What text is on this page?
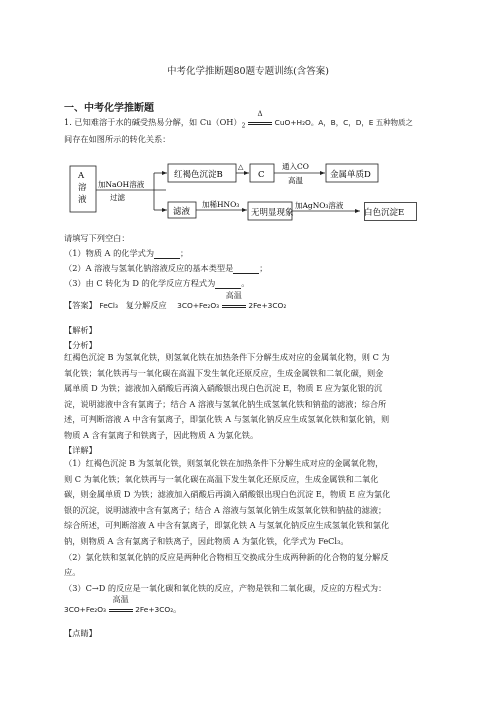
中考化学推断题80题专题训练(含答案)
一、中考化学推断题
1. 已知难溶于水的碱受热易分解，如 $Cu(OH)_2$
Δ
CuO+H₂O。A，B，C，D，E 五种物质之
间存在如图所示的转化关系：
A
溶
液
加NaOH溶液
过滤
红褐色沉淀B
△
C
通入CO
高温
金属单质D
滤液
加稀HNO₃
无明显现象
加AgNO₃溶液
白色沉淀E
请填写下列空白：
（1）物质 A 的化学式为	；
（2）A 溶液与氢氧化钠溶液反应的基本类型是	；
（3）由 C 转化为 D 的化学反应方程式为	。
【答案】 FeCl₃ 复分解反应 3CO+Fe₂O₃
高温
2Fe+3CO₂
【解析】
【分析】
红褐色沉淀 B 为氢氧化铁，则氢氧化铁在加热条件下分解生成对应的金属氧化物，则 C 为
氧化铁；氧化铁再与一氧化碳在高温下发生氧化还原反应，生成金属铁和二氧化碳，则金
属单质 D 为铁；滤液加入硝酸后再滴入硝酸银出现白色沉淀 E，物质 E 应为氯化银的沉
淀，说明滤液中含有氯离子；结合 A 溶液与氢氧化钠生成氢氧化铁和钠盐的滤液；综合所
述，可判断溶液 A 中含有氯离子，即氯化铁 A 与氢氧化钠反应生成氢氧化铁和氯化钠，则
物质 A 含有氯离子和铁离子，因此物质 A 为氯化铁。
【详解】
（1）红褐色沉淀 B 为氢氧化铁，则氢氧化铁在加热条件下分解生成对应的金属氧化物，
则 C 为氧化铁；氧化铁再与一氧化碳在高温下发生氧化还原反应，生成金属铁和二氧化
碳，则金属单质 D 为铁；滤液加入硝酸后再滴入硝酸银出现白色沉淀 E，物质 E 应为氯化
银的沉淀，说明滤液中含有氯离子；结合 A 溶液与氢氧化钠生成氢氧化铁和钠盐的滤液；
综合所述，可判断溶液 A 中含有氯离子，即氯化铁 A 与氢氧化钠反应生成氢氧化铁和氯化
钠，则物质 A 含有氯离子和铁离子，因此物质 A 为氯化铁，化学式为 FeCl₃。
（2）氯化铁和氢氧化钠的反应是两种化合物相互交换成分生成两种新的化合物的复分解反
应。
（3）C→D 的反应是一氧化碳和氧化铁的反应，产物是铁和二氧化碳，反应的方程式为：
3CO+Fe₂O₃
高温
2Fe+3CO₂。
【点睛】
